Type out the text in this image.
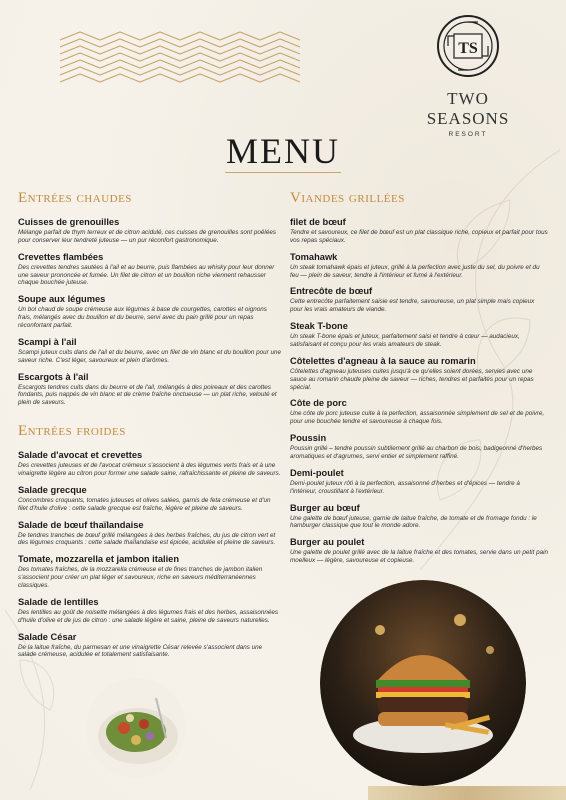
TS
TWO SEASONS
RESORT
MENU
Entrées chaudes
Cuisses de grenouilles
Mélange parfait de thym terreux et de citron acidulé, ces cuisses de grenouilles sont poêlées pour conserver leur tendreté juteuse — un pur réconfort gastronomique.
Crevettes flambées
Des crevettes tendres sautées à l'ail et au beurre, puis flambées au whisky pour leur donner une saveur prononcée et fumée. Un filet de citron et un bouillon riche viennent rehausser chaque bouchée juteuse.
Soupe aux légumes
Un bol chaud de soupe crémeuse aux légumes à base de courgettes, carottes et oignons frais, mélangés avec du bouillon et du beurre, servi avec du pain grillé pour un repas réconfortant parfait.
Scampi à l'ail
Scampi juteux cuits dans de l'ail et du beurre, avec un filet de vin blanc et du bouillon pour une saveur riche. C'est léger, savoureux et plein d'arômes.
Escargots à l'ail
Escargots tendres cuits dans du beurre et de l'ail, mélangés à des poireaux et des carottes fondants, puis nappés de vin blanc et de crème fraîche onctueuse — un plat riche, velouté et plein de saveurs.
Entrées froides
Salade d'avocat et crevettes
Des crevettes juteuses et de l'avocat crémeux s'associent à des légumes verts frais et à une vinaigrette légère au citron pour former une salade saine, rafraîchissante et pleine de saveurs.
Salade grecque
Concombres croquants, tomates juteuses et olives salées, garnis de feta crémeuse et d'un filet d'huile d'olive : cette salade grecque est fraîche, légère et pleine de saveurs.
Salade de bœuf thaïlandaise
De tendres tranches de bœuf grillé mélangées à des herbes fraîches, du jus de citron vert et des légumes croquants : cette salade thaïlandaise est épicée, acidulée et pleine de saveurs.
Tomate, mozzarella et jambon italien
Des tomates fraîches, de la mozzarella crémeuse et de fines tranches de jambon italien s'associent pour créer un plat léger et savoureux, riche en saveurs méditerranéennes classiques.
Salade de lentilles
Des lentilles au goût de noisette mélangées à des légumes frais et des herbes, assaisonnées d'huile d'olive et de jus de citron : une salade légère et saine, pleine de saveurs naturelles.
Salade César
De la laitue fraîche, du parmesan et une vinaigrette César relevée s'associent dans une salade crémeuse, acidulée et totalement satisfaisante.
Viandes grillées
filet de bœuf
Tendre et savoureux, ce filet de bœuf est un plat classique riche, copieux et parfait pour tous vos repas spéciaux.
Tomahawk
Un steak tomahawk épais et juteux, grillé à la perfection avec juste du sel, du poivre et du feu — plein de saveur, tendre à l'intérieur et fumé à l'extérieur.
Entrecôte de bœuf
Cette entrecôte parfaitement saisie est tendre, savoureuse, un plat simple mais copieux pour les vrais amateurs de viande.
Steak T-bone
Un steak T-bone épais et juteux, parfaitement saisi et tendre à cœur — audacieux, satisfaisant et conçu pour les vrais amateurs de steak.
Côtelettes d'agneau à la sauce au romarin
Côtelettes d'agneau juteuses cuites jusqu'à ce qu'elles soient dorées, servies avec une sauce au romarin chaude pleine de saveur — riches, tendres et parfaites pour un repas spécial.
Côte de porc
Une côte de porc juteuse cuite à la perfection, assaisonnée simplement de sel et de poivre, pour une bouchée tendre et savoureuse à chaque fois.
Poussin
Poussin grillé – tendre poussin subtilement grillé au charbon de bois, badigeonné d'herbes aromatiques et d'agrumes, servi entier et simplement raffiné.
Demi-poulet
Demi-poulet juteux rôti à la perfection, assaisonné d'herbes et d'épices — tendre à l'intérieur, croustillant à l'extérieur.
Burger au bœuf
Une galette de bœuf juteuse, garnie de laitue fraîche, de tomate et de fromage fondu : le hamburger classique que tout le monde adore.
Burger au poulet
Une galette de poulet grillé avec de la laitue fraîche et des tomates, servie dans un petit pain moelleux — légère, savoureuse et copieuse.
